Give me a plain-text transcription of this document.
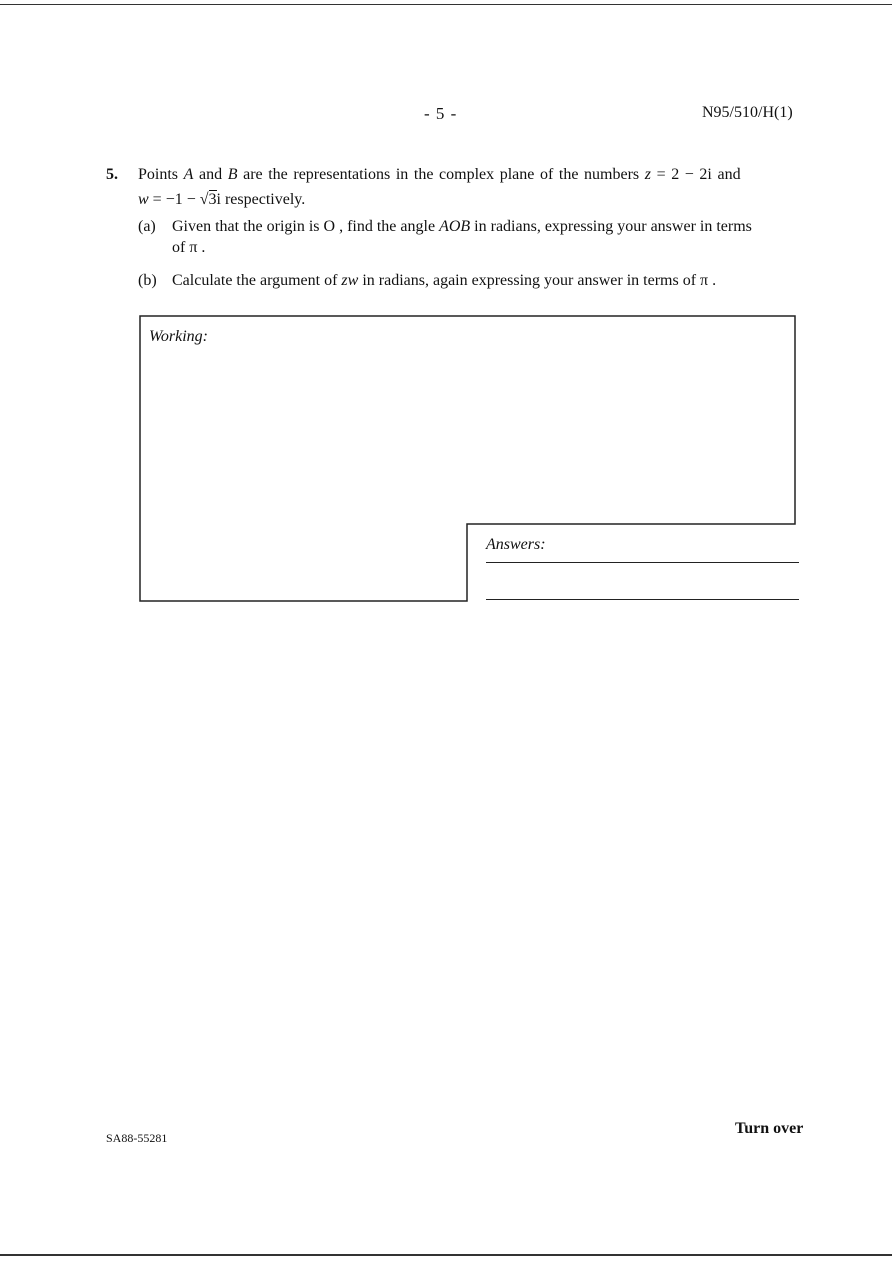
- 5 -	N95/510/H(1)
5. Points A and B are the representations in the complex plane of the numbers z = 2 − 2i and
w = −1 − √3i respectively.
(a) Given that the origin is O , find the angle AOB in radians, expressing your answer in terms
of π .
(b) Calculate the argument of zw in radians, again expressing your answer in terms of π .
Working:
Answers:
SA88-55281
Turn over
